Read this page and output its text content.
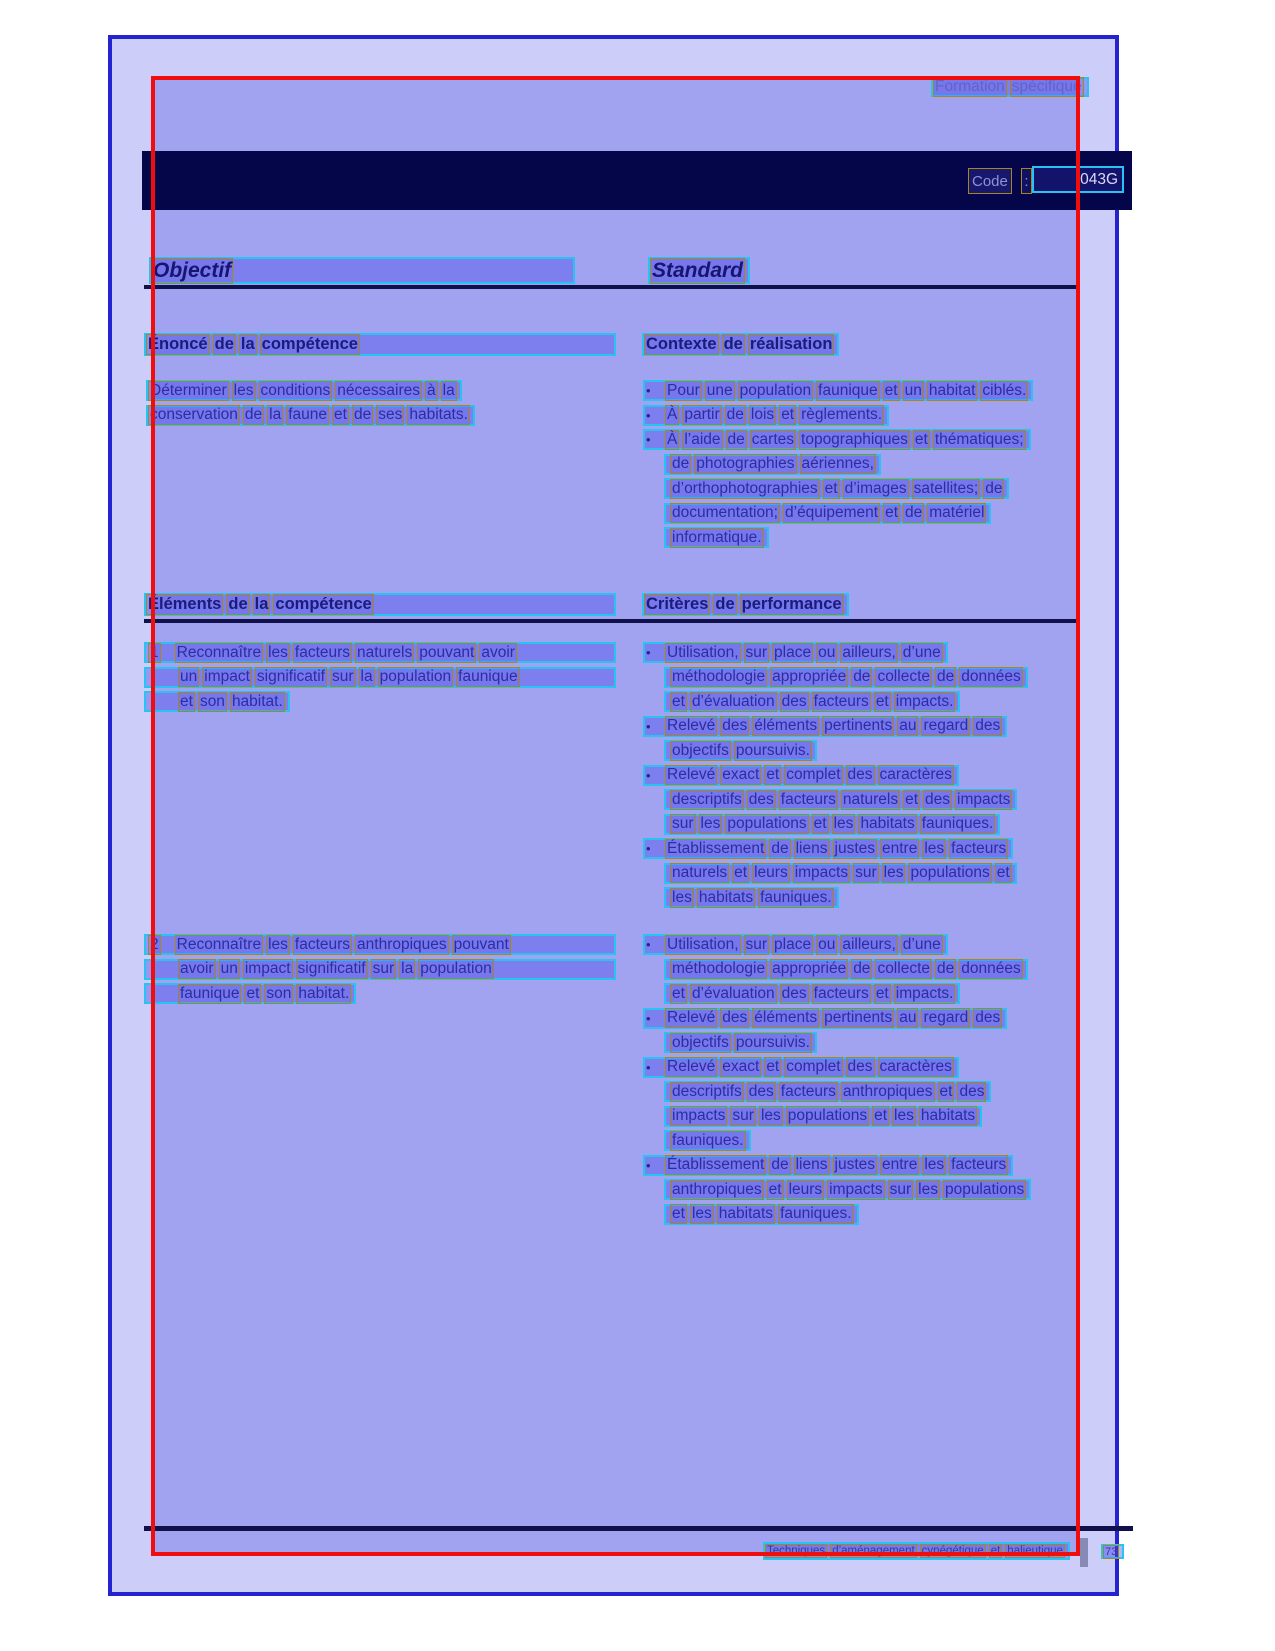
Code :	043G
Formation spécifique
Objectif	Standard
Énoncé de la compétence	Contexte de réalisation
Déterminer les conditions nécessaires à la
conservation de la faune et de ses habitats.
•	Pour une population faunique et un habitat ciblés.
•	À partir de lois et règlements.
•	À l’aide de cartes topographiques et thématiques;
de photographies aériennes,
d’orthophotographies et d’images satellites; de
documentation; d’équipement et de matériel
informatique.
Éléments de la compétence	Critères de performance
1 Reconnaître les facteurs naturels pouvant avoir
un impact significatif sur la population faunique
et son habitat.
•	Utilisation, sur place ou ailleurs, d’une
méthodologie appropriée de collecte de données
et d’évaluation des facteurs et impacts.
•	Relevé des éléments pertinents au regard des
objectifs poursuivis.
•	Relevé exact et complet des caractères
descriptifs des facteurs naturels et des impacts
sur les populations et les habitats fauniques.
•	Établissement de liens justes entre les facteurs
naturels et leurs impacts sur les populations et
les habitats fauniques.
2 Reconnaître les facteurs anthropiques pouvant
avoir un impact significatif sur la population
faunique et son habitat.
•	Utilisation, sur place ou ailleurs, d’une
méthodologie appropriée de collecte de données
et d’évaluation des facteurs et impacts.
•	Relevé des éléments pertinents au regard des
objectifs poursuivis.
•	Relevé exact et complet des caractères
descriptifs des facteurs anthropiques et des
impacts sur les populations et les habitats
fauniques.
•	Établissement de liens justes entre les facteurs
anthropiques et leurs impacts sur les populations
et les habitats fauniques.
Techniques d’aménagement cynégétique et halieutique	73
